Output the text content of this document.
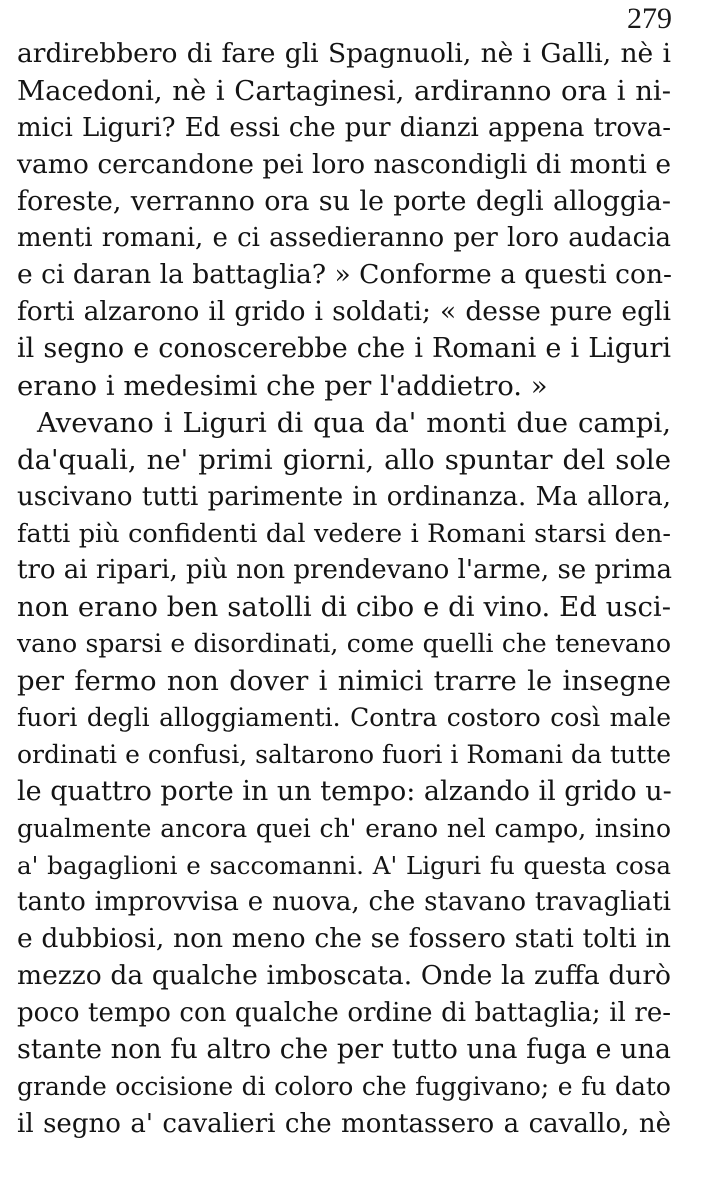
279
ardirebbero di fare gli Spagnuoli, nè i Galli, nè i
Macedoni, nè i Cartaginesi, ardiranno ora i ni-
mici Liguri? Ed essi che pur dianzi appena trova-
vamo cercandone pei loro nascondigli di monti e
foreste, verranno ora su le porte degli alloggia-
menti romani, e ci assedieranno per loro audacia
e ci daran la battaglia? » Conforme a questi con-
forti alzarono il grido i soldati; « desse pure egli
il segno e conoscerebbe che i Romani e i Liguri
erano i medesimi che per l'addietro. »
Avevano i Liguri di qua da' monti due campi,
da'quali, ne' primi giorni, allo spuntar del sole
uscivano tutti parimente in ordinanza. Ma allora,
fatti più confidenti dal vedere i Romani starsi den-
tro ai ripari, più non prendevano l'arme, se prima
non erano ben satolli di cibo e di vino. Ed usci-
vano sparsi e disordinati, come quelli che tenevano
per fermo non dover i nimici trarre le insegne
fuori degli alloggiamenti. Contra costoro così male
ordinati e confusi, saltarono fuori i Romani da tutte
le quattro porte in un tempo: alzando il grido u-
gualmente ancora quei ch' erano nel campo, insino
a' bagaglioni e saccomanni. A' Liguri fu questa cosa
tanto improvvisa e nuova, che stavano travagliati
e dubbiosi, non meno che se fossero stati tolti in
mezzo da qualche imboscata. Onde la zuffa durò
poco tempo con qualche ordine di battaglia; il re-
stante non fu altro che per tutto una fuga e una
grande occisione di coloro che fuggivano; e fu dato
il segno a' cavalieri che montassero a cavallo, nè
